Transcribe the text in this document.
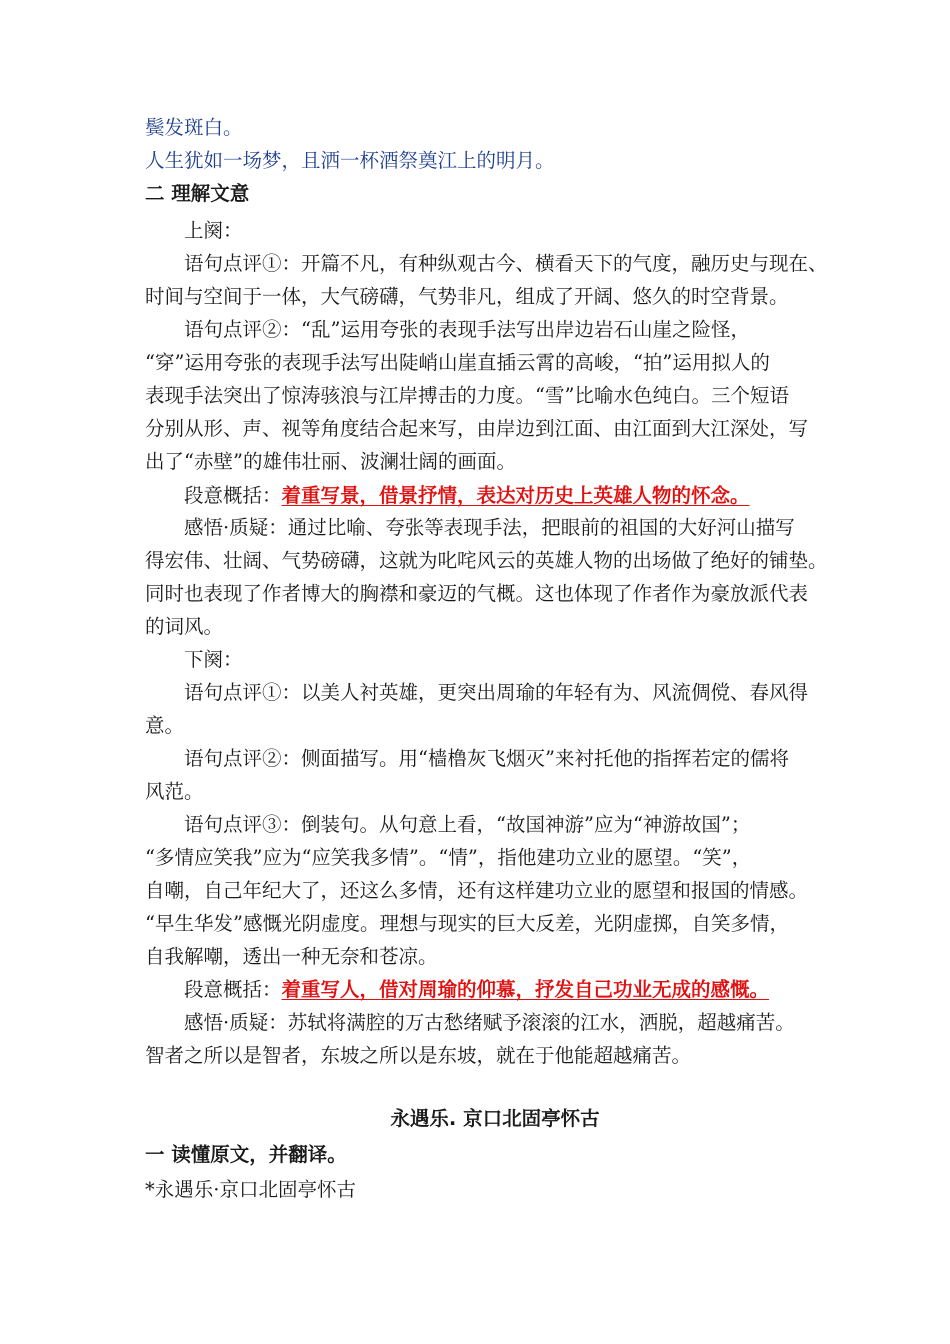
鬓发斑白。
人生犹如一场梦，且洒一杯酒祭奠江上的明月。
二 理解文意
上阕：
语句点评①：开篇不凡，有种纵观古今、横看天下的气度，融历史与现在、
时间与空间于一体，大气磅礴，气势非凡，组成了开阔、悠久的时空背景。
语句点评②：“乱”运用夸张的表现手法写出岸边岩石山崖之险怪，
“穿”运用夸张的表现手法写出陡峭山崖直插云霄的高峻，“拍”运用拟人的
表现手法突出了惊涛骇浪与江岸搏击的力度。“雪”比喻水色纯白。三个短语
分别从形、声、视等角度结合起来写，由岸边到江面、由江面到大江深处，写
出了“赤壁”的雄伟壮丽、波澜壮阔的画面。
段意概括：着重写景，借景抒情，表达对历史上英雄人物的怀念。
感悟·质疑：通过比喻、夸张等表现手法，把眼前的祖国的大好河山描写
得宏伟、壮阔、气势磅礴，这就为叱咤风云的英雄人物的出场做了绝好的铺垫。
同时也表现了作者博大的胸襟和豪迈的气概。这也体现了作者作为豪放派代表
的词风。
下阕：
语句点评①：以美人衬英雄，更突出周瑜的年轻有为、风流倜傥、春风得
意。
语句点评②：侧面描写。用“樯橹灰飞烟灭”来衬托他的指挥若定的儒将
风范。
语句点评③：倒装句。从句意上看，“故国神游”应为“神游故国”；
“多情应笑我”应为“应笑我多情”。“情”，指他建功立业的愿望。“笑”，
自嘲，自己年纪大了，还这么多情，还有这样建功立业的愿望和报国的情感。
“早生华发”感慨光阴虚度。理想与现实的巨大反差，光阴虚掷，自笑多情，
自我解嘲，透出一种无奈和苍凉。
段意概括：着重写人，借对周瑜的仰慕，抒发自己功业无成的感慨。
感悟·质疑：苏轼将满腔的万古愁绪赋予滚滚的江水，洒脱，超越痛苦。
智者之所以是智者，东坡之所以是东坡，就在于他能超越痛苦。
永遇乐. 京口北固亭怀古
一 读懂原文，并翻译。
*永遇乐·京口北固亭怀古
